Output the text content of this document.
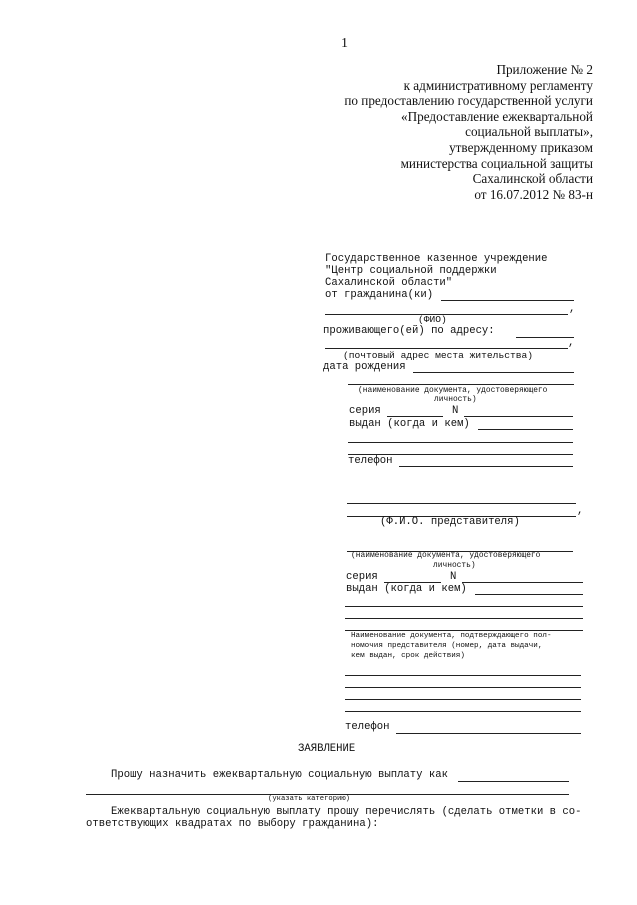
1
Приложение № 2
к административному регламенту
по предоставлению государственной услуги
«Предоставление ежеквартальной
социальной выплаты»,
утвержденному приказом
министерства социальной защиты
Сахалинской области
от 16.07.2012 № 83-н
Государственное казенное учреждение
"Центр социальной поддержки
Сахалинской области"
от гражданина(ки)
,
(ФИО)
проживающего(ей) по адресу:
,
(почтовый адрес места жительства)
дата рождения
(наименование документа, удостоверяющего
личность)
серия	N
выдан (когда и кем)
телефон
,
(Ф.И.О. представителя)
(наименование документа, удостоверяющего
личность)
серия	N
выдан (когда и кем)
Наименование документа, подтверждающего пол-
номочия представителя (номер, дата выдачи,
кем выдан, срок действия)
телефон
ЗАЯВЛЕНИЕ
Прошу назначить ежеквартальную социальную выплату как
(указать категорию)
Ежеквартальную социальную выплату прошу перечислять (сделать отметки в со-
ответствующих квадратах по выбору гражданина):
